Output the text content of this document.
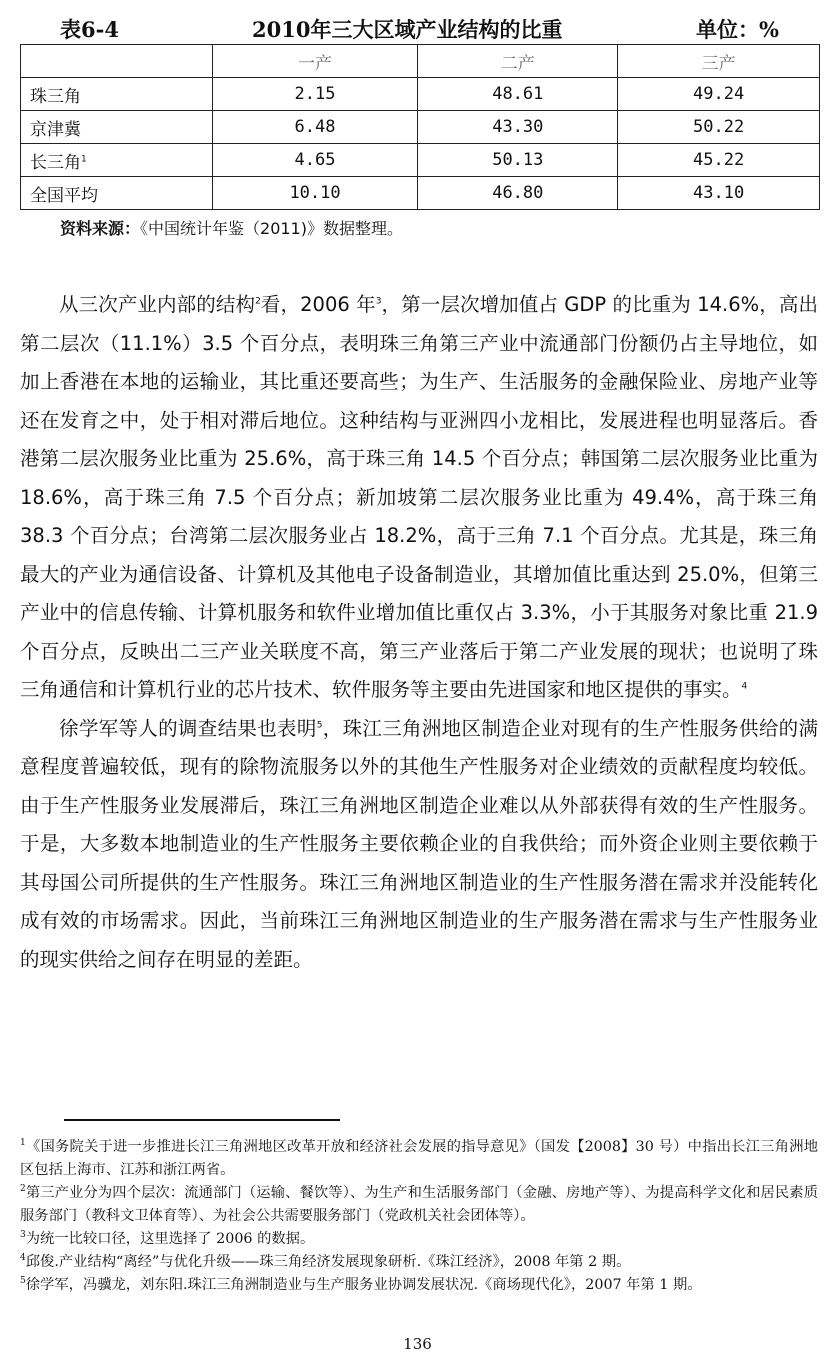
表6-4	2010年三大区域产业结构的比重	单位：%
	一产	二产	三产
珠三角	2.15	48.61	49.24
京津冀	6.48	43.30	50.22
长三角$^1$	4.65	50.13	45.22
全国平均	10.10	46.80	43.10
资料来源：《中国统计年鉴（2011)》数据整理。

从三次产业内部的结构$^2$看，2006 年$^3$，第一层次增加值占 GDP 的比重为 14.6%，高出第二层次（11.1%）3.5 个百分点，表明珠三角第三产业中流通部门份额仍占主导地位，如加上香港在本地的运输业，其比重还要高些；为生产、生活服务的金融保险业、房地产业等还在发育之中，处于相对滞后地位。这种结构与亚洲四小龙相比，发展进程也明显落后。香港第二层次服务业比重为 25.6%，高于珠三角 14.5 个百分点；韩国第二层次服务业比重为 18.6%，高于珠三角 7.5 个百分点；新加坡第二层次服务业比重为 49.4%，高于珠三角 38.3 个百分点；台湾第二层次服务业占 18.2%，高于三角 7.1 个百分点。尤其是，珠三角最大的产业为通信设备、计算机及其他电子设备制造业，其增加值比重达到 25.0%，但第三产业中的信息传输、计算机服务和软件业增加值比重仅占 3.3%，小于其服务对象比重 21.9 个百分点，反映出二三产业关联度不高，第三产业落后于第二产业发展的现状；也说明了珠三角通信和计算机行业的芯片技术、软件服务等主要由先进国家和地区提供的事实。$^4$

徐学军等人的调查结果也表明$^5$，珠江三角洲地区制造企业对现有的生产性服务供给的满意程度普遍较低，现有的除物流服务以外的其他生产性服务对企业绩效的贡献程度均较低。由于生产性服务业发展滞后，珠江三角洲地区制造企业难以从外部获得有效的生产性服务。于是，大多数本地制造业的生产性服务主要依赖企业的自我供给；而外资企业则主要依赖于其母国公司所提供的生产性服务。珠江三角洲地区制造业的生产性服务潜在需求并没能转化成有效的市场需求。因此，当前珠江三角洲地区制造业的生产服务潜在需求与生产性服务业的现实供给之间存在明显的差距。

$^1$《国务院关于进一步推进长江三角洲地区改革开放和经济社会发展的指导意见》（国发【2008】30 号）中指出长江三角洲地区包括上海市、江苏和浙江两省。
$^2$第三产业分为四个层次：流通部门（运输、餐饮等）、为生产和生活服务部门（金融、房地产等）、为提高科学文化和居民素质服务部门（教科文卫体育等）、为社会公共需要服务部门（党政机关社会团体等）。
$^3$为统一比较口径，这里选择了 2006 的数据。
$^4$邱俊.产业结构“离经”与优化升级——珠三角经济发展现象研析.《珠江经济》，2008 年第 2 期。
$^5$徐学军，冯骥龙，刘东阳.珠江三角洲制造业与生产服务业协调发展状况.《商场现代化》，2007 年第 1 期。
136
